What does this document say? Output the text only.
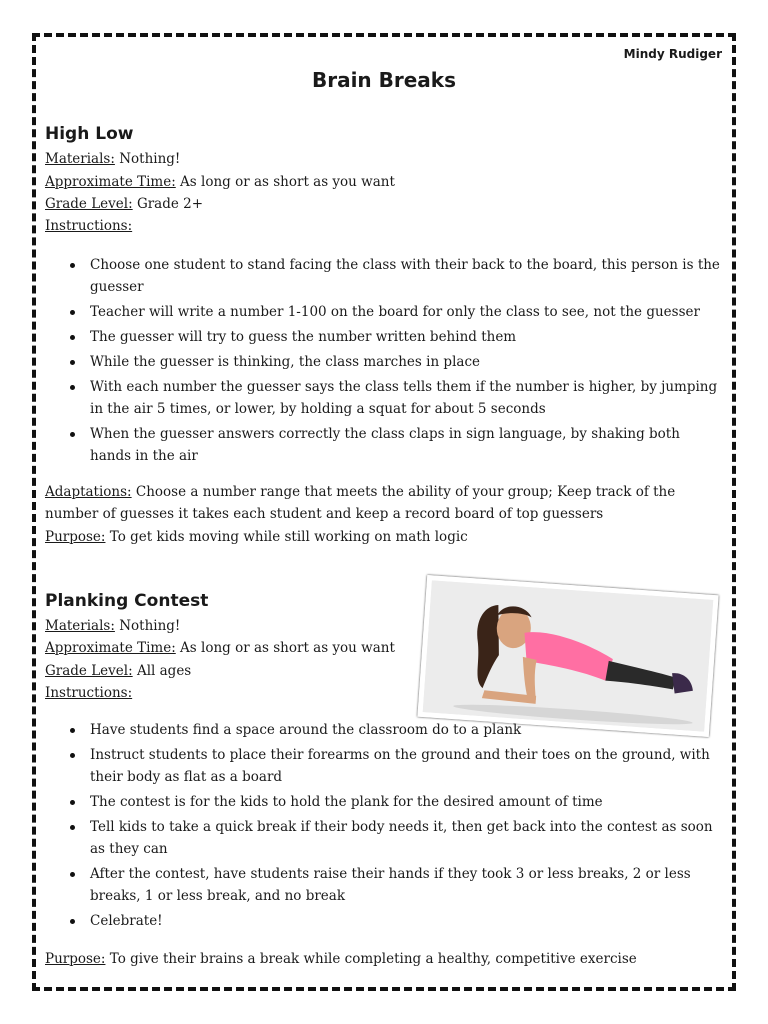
Mindy Rudiger
Brain Breaks
High Low
Materials: Nothing!
Approximate Time: As long or as short as you want
Grade Level: Grade 2+
Instructions:
Choose one student to stand facing the class with their back to the board, this person is the guesser
Teacher will write a number 1-100 on the board for only the class to see, not the guesser
The guesser will try to guess the number written behind them
While the guesser is thinking, the class marches in place
With each number the guesser says the class tells them if the number is higher, by jumping in the air 5 times, or lower, by holding a squat for about 5 seconds
When the guesser answers correctly the class claps in sign language, by shaking both hands in the air
Adaptations: Choose a number range that meets the ability of your group; Keep track of the number of guesses it takes each student and keep a record board of top guessers
Purpose: To get kids moving while still working on math logic
Planking Contest
Materials: Nothing!
Approximate Time: As long or as short as you want
Grade Level: All ages
Instructions:
Have students find a space around the classroom do to a plank
Instruct students to place their forearms on the ground and their toes on the ground, with their body as flat as a board
The contest is for the kids to hold the plank for the desired amount of time
Tell kids to take a quick break if their body needs it, then get back into the contest as soon as they can
After the contest, have students raise their hands if they took 3 or less breaks, 2 or less breaks, 1 or less break, and no break
Celebrate!
Purpose: To give their brains a break while completing a healthy, competitive exercise
